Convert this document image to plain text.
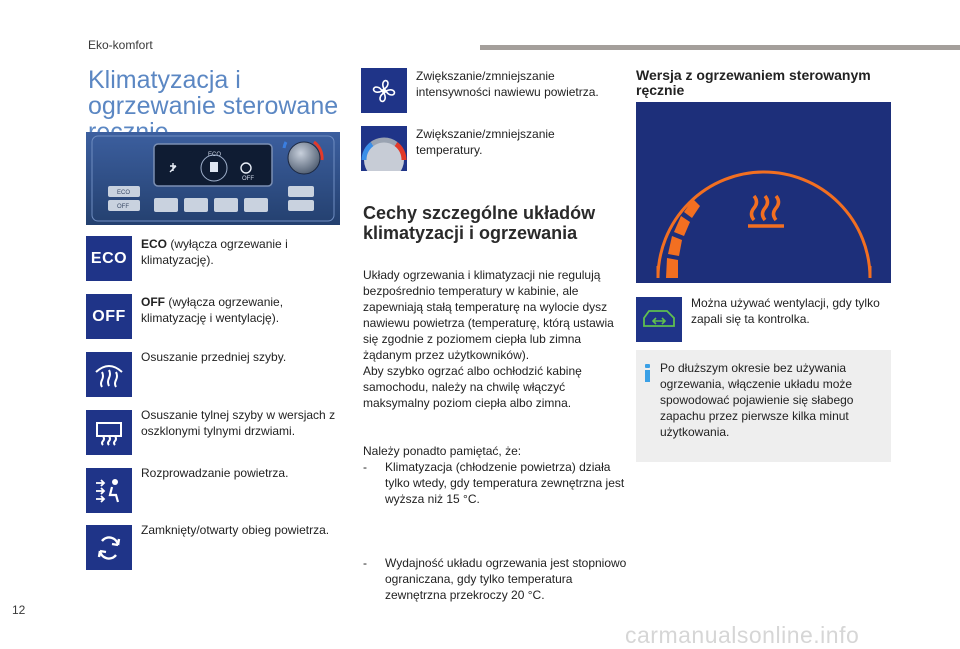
Eko-komfort
Klimatyzacja i ogrzewanie sterowane
ECO
OFF
ECO
OFF
ECO
ECO (wyłącza ogrzewanie i klimatyzację).
OFF
OFF (wyłącza ogrzewanie, klimatyzację i wentylację).
Osuszanie przedniej szyby.
Osuszanie tylnej szyby w wersjach z oszklonymi tylnymi drzwiami.
Rozprowadzanie powietrza.
Zamknięty/otwarty obieg powietrza.
Zwiększanie/zmniejszanie intensywności nawiewu powietrza.
Zwiększanie/zmniejszanie temperatury.
Cechy szczególne układów klimatyzacji i ogrzewania
Układy ogrzewania i klimatyzacji nie regulują bezpośrednio temperatury w kabinie, ale zapewniają stałą temperaturę na wylocie dysz nawiewu powietrza (temperaturę, którą ustawia się zgodnie z poziomem ciepła lub zimna żądanym przez użytkowników).
Aby szybko ogrzać albo ochłodzić kabinę samochodu, należy na chwilę włączyć maksymalny poziom ciepła albo zimna.
Należy ponadto pamiętać, że:
- Klimatyzacja (chłodzenie powietrza) działa tylko wtedy, gdy temperatura zewnętrzna jest wyższa niż 15 °C.
- Wydajność układu ogrzewania jest stopniowo ograniczana, gdy tylko temperatura zewnętrzna przekroczy 20 °C.
Wersja z ogrzewaniem sterowanym ręcznie
Można używać wentylacji, gdy tylko zapali się ta kontrolka.
Po dłuższym okresie bez używania ogrzewania, włączenie układu może spowodować pojawienie się słabego zapachu przez pierwsze kilka minut użytkowania.
12
carmanualsonline.info
